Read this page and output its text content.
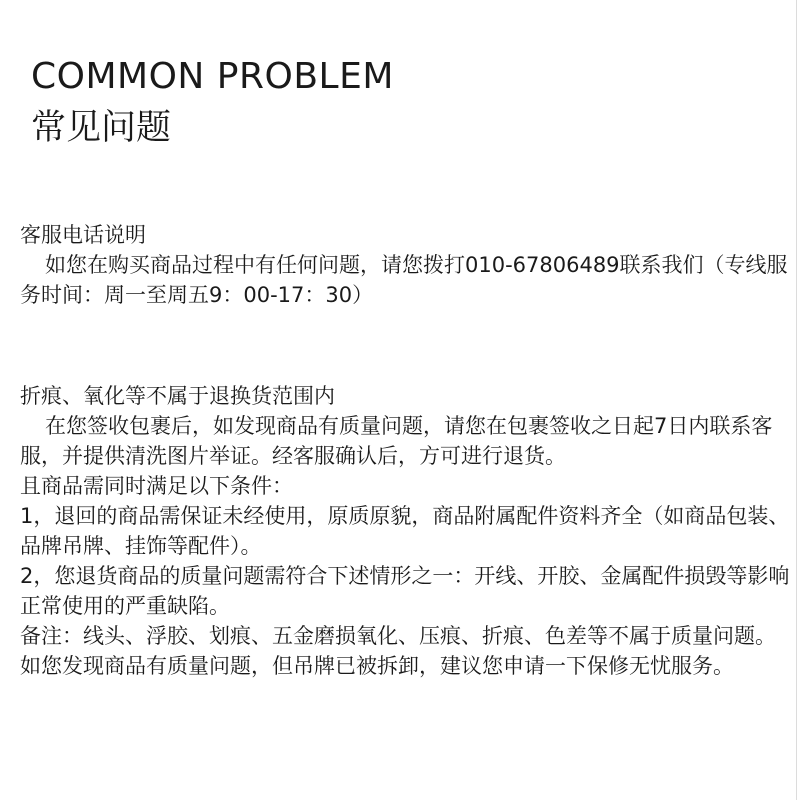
COMMON PROBLEM
常见问题

客服电话说明

如您在购买商品过程中有任何问题，请您拨打010-67806489联系我们（专线服务时间：周一至周五9：00-17：30）

折痕、氧化等不属于退换货范围内

在您签收包裹后，如发现商品有质量问题，请您在包裹签收之日起7日内联系客服，并提供清洗图片举证。经客服确认后，方可进行退货。

且商品需同时满足以下条件：

1，退回的商品需保证未经使用，原质原貌，商品附属配件资料齐全（如商品包装、品牌吊牌、挂饰等配件）。

2，您退货商品的质量问题需符合下述情形之一：开线、开胶、金属配件损毁等影响正常使用的严重缺陷。

备注：线头、浮胶、划痕、五金磨损氧化、压痕、折痕、色差等不属于质量问题。如您发现商品有质量问题，但吊牌已被拆卸，建议您申请一下保修无忧服务。
